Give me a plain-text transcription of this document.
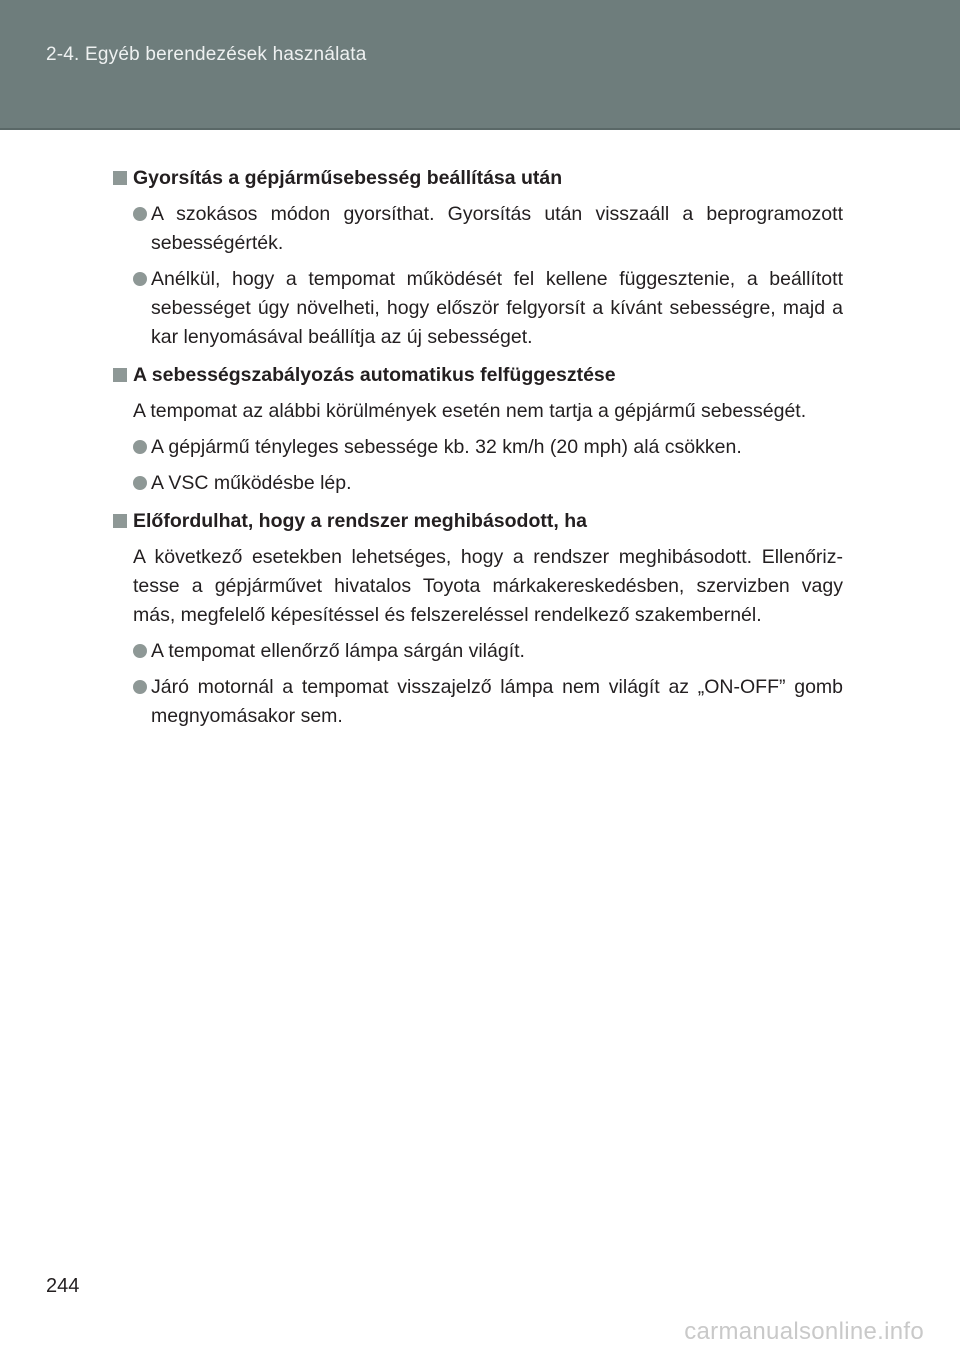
2-4. Egyéb berendezések használata
Gyorsítás a gépjárműsebesség beállítása után
A szokásos módon gyorsíthat. Gyorsítás után visszaáll a beprogramozott sebességérték.
Anélkül, hogy a tempomat működését fel kellene függesztenie, a beállított sebességet úgy növelheti, hogy először felgyorsít a kívánt sebességre, majd a kar lenyomásával beállítja az új sebességet.
A sebességszabályozás automatikus felfüggesztése
A tempomat az alábbi körülmények esetén nem tartja a gépjármű sebességét.
A gépjármű tényleges sebessége kb. 32 km/h (20 mph) alá csökken.
A VSC működésbe lép.
Előfordulhat, hogy a rendszer meghibásodott, ha
A következő esetekben lehetséges, hogy a rendszer meghibásodott. Ellenőriztesse a gépjárművet hivatalos Toyota márkakereskedésben, szervizben vagy más, megfelelő képesítéssel és felszereléssel rendelkező szakembernél.
A tempomat ellenőrző lámpa sárgán világít.
Járó motornál a tempomat visszajelző lámpa nem világít az „ON-OFF” gomb megnyomásakor sem.
244
carmanualsonline.info
